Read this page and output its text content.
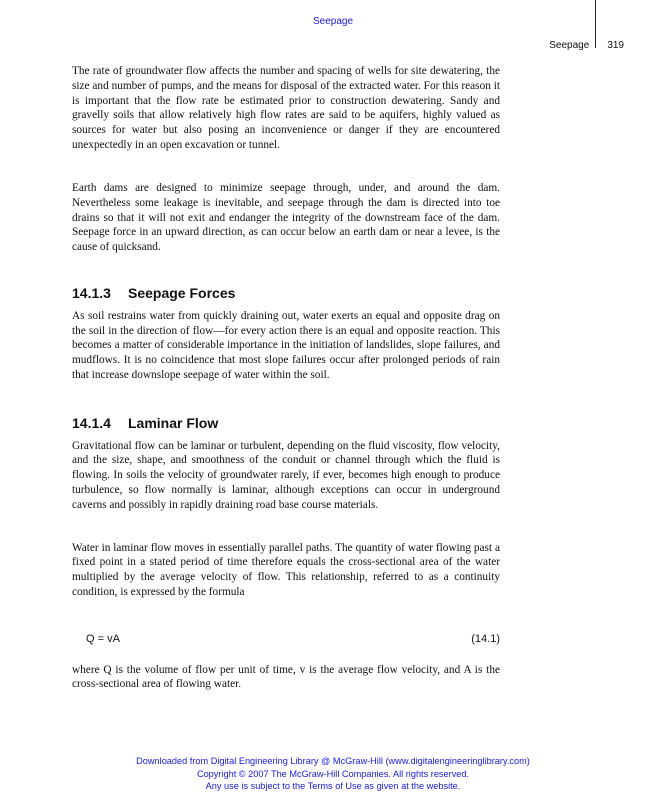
Seepage
Seepage	319

The rate of groundwater flow affects the number and spacing of wells for site dewatering, the size and number of pumps, and the means for disposal of the extracted water. For this reason it is important that the flow rate be estimated prior to construction dewatering. Sandy and gravelly soils that allow relatively high flow rates are said to be aquifers, highly valued as sources for water but also posing an inconvenience or danger if they are encountered unexpectedly in an open excavation or tunnel.

Earth dams are designed to minimize seepage through, under, and around the dam. Nevertheless some leakage is inevitable, and seepage through the dam is directed into toe drains so that it will not exit and endanger the integrity of the downstream face of the dam. Seepage force in an upward direction, as can occur below an earth dam or near a levee, is the cause of quicksand.

14.1.3 Seepage Forces

As soil restrains water from quickly draining out, water exerts an equal and opposite drag on the soil in the direction of flow—for every action there is an equal and opposite reaction. This becomes a matter of considerable importance in the initiation of landslides, slope failures, and mudflows. It is no coincidence that most slope failures occur after prolonged periods of rain that increase downslope seepage of water within the soil.

14.1.4 Laminar Flow

Gravitational flow can be laminar or turbulent, depending on the fluid viscosity, flow velocity, and the size, shape, and smoothness of the conduit or channel through which the fluid is flowing. In soils the velocity of groundwater rarely, if ever, becomes high enough to produce turbulence, so flow normally is laminar, although exceptions can occur in underground caverns and possibly in rapidly draining road base course materials.

Water in laminar flow moves in essentially parallel paths. The quantity of water flowing past a fixed point in a stated period of time therefore equals the cross-sectional area of the water multiplied by the average velocity of flow. This relationship, referred to as a continuity condition, is expressed by the formula

Q = vA	(14.1)

where Q is the volume of flow per unit of time, v is the average flow velocity, and A is the cross-sectional area of flowing water.

Downloaded from Digital Engineering Library @ McGraw-Hill (www.digitalengineeringlibrary.com)
Copyright © 2007 The McGraw-Hill Companies. All rights reserved.
Any use is subject to the Terms of Use as given at the website.
